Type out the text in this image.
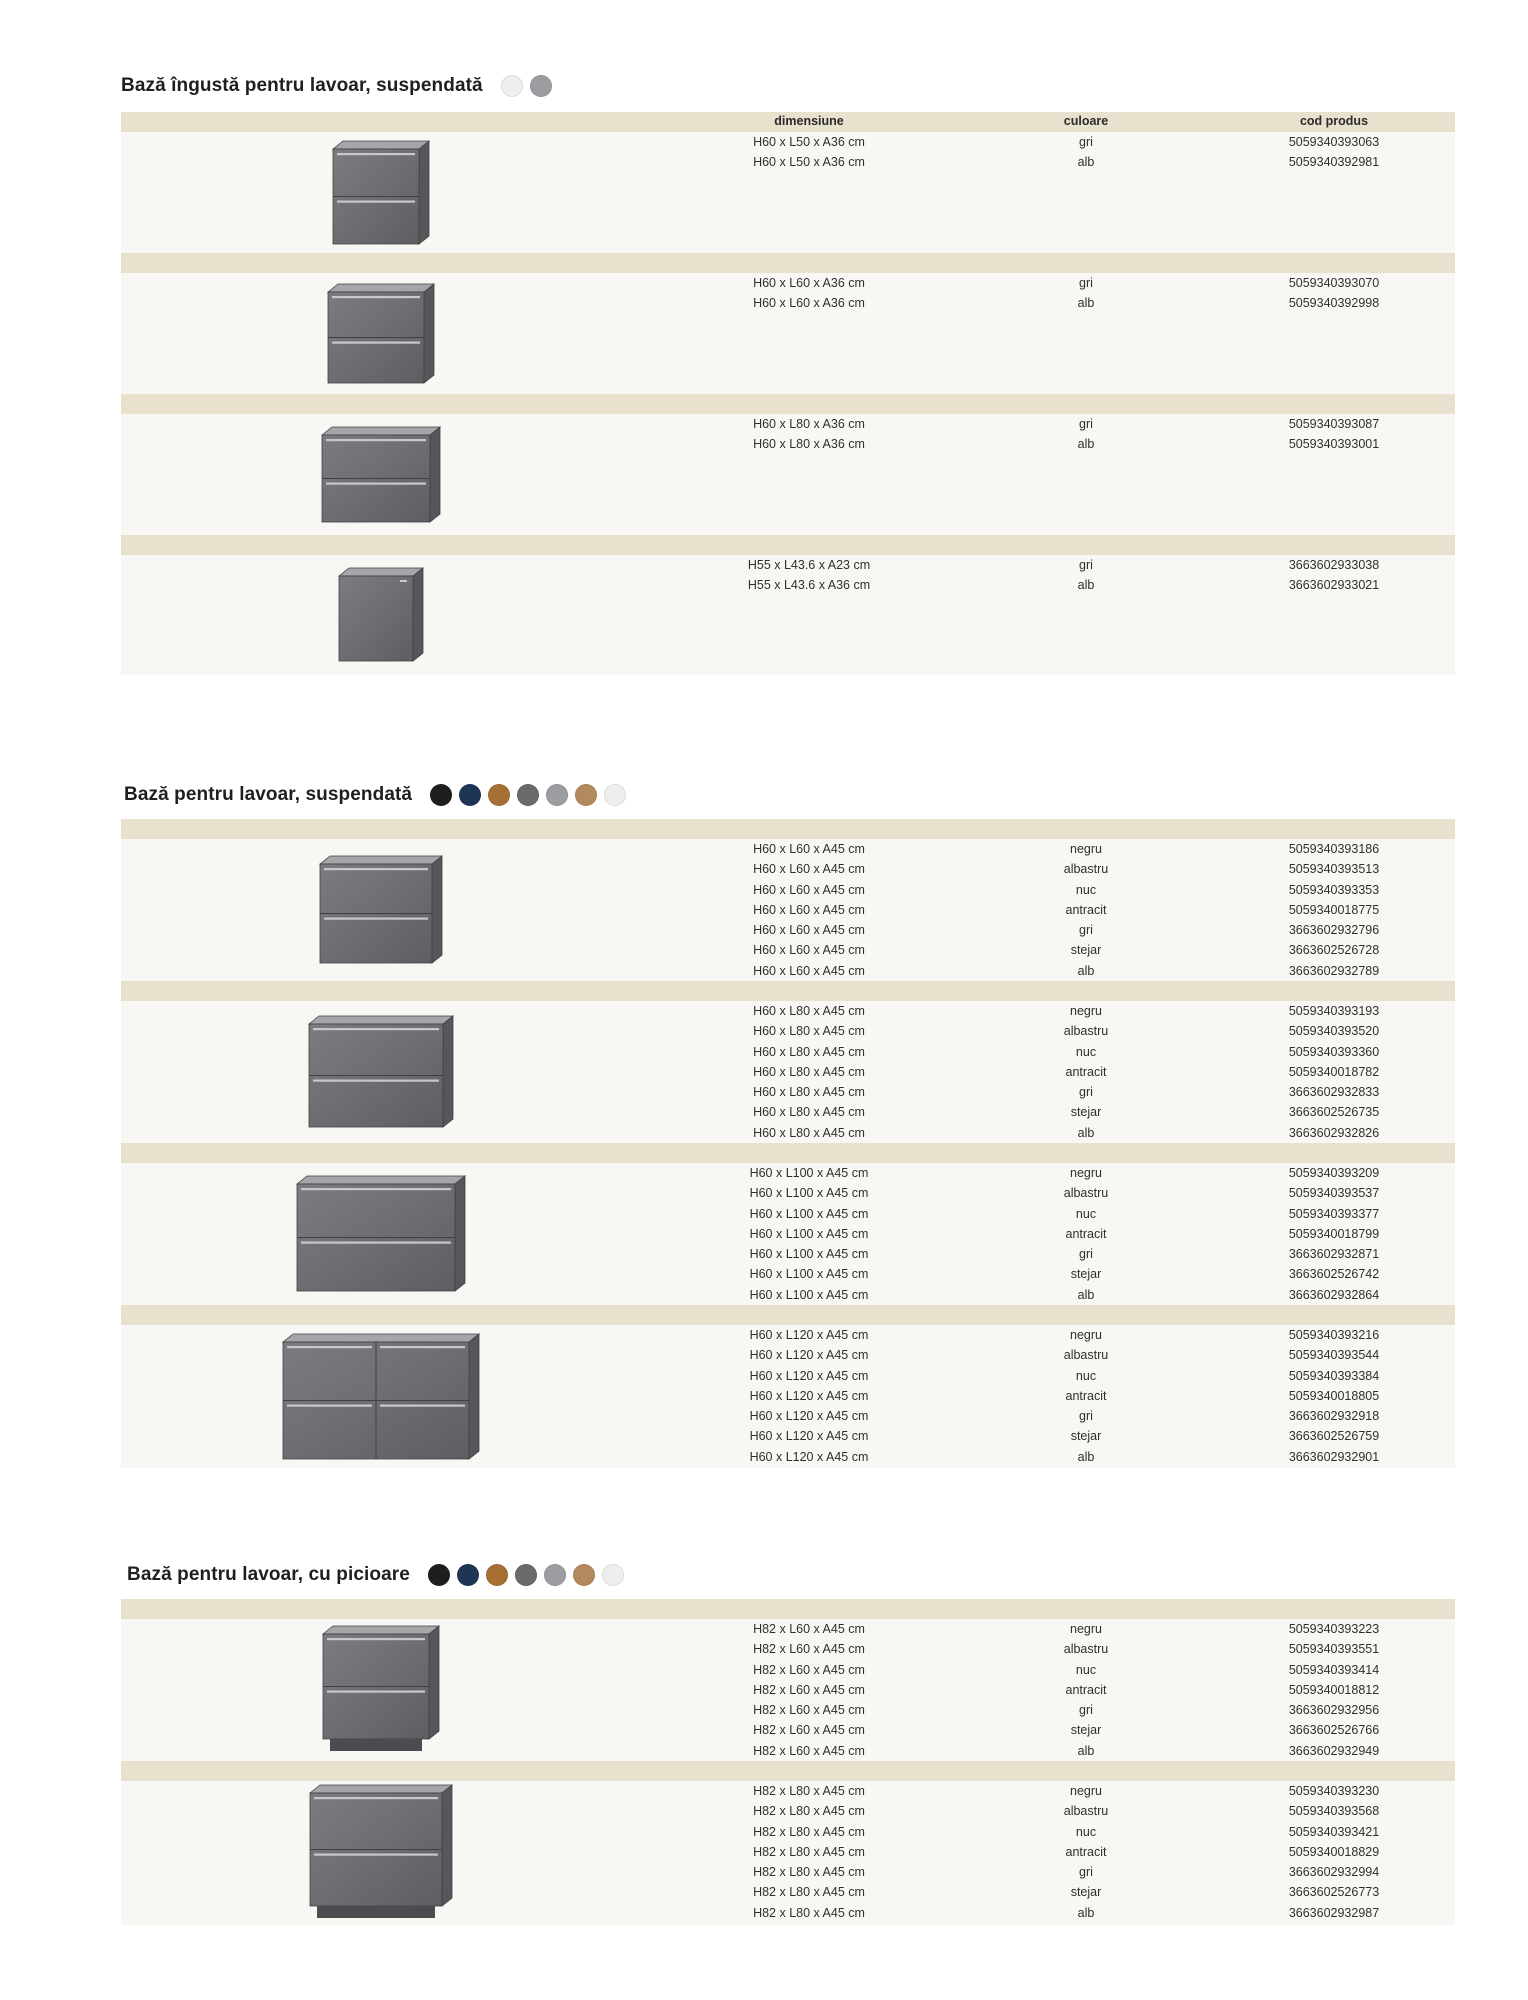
Bază îngustă pentru lavoar, suspendată
dimensiune	culoare	cod produs
H60 x L50 x A36 cm	gri	5059340393063
H60 x L50 x A36 cm	alb	5059340392981
H60 x L60 x A36 cm	gri	5059340393070
H60 x L60 x A36 cm	alb	5059340392998
H60 x L80 x A36 cm	gri	5059340393087
H60 x L80 x A36 cm	alb	5059340393001
H55 x L43.6 x A23 cm	gri	3663602933038
H55 x L43.6 x A36 cm	alb	3663602933021
Bază pentru lavoar, suspendată
H60 x L60 x A45 cm	negru	5059340393186
H60 x L60 x A45 cm	albastru	5059340393513
H60 x L60 x A45 cm	nuc	5059340393353
H60 x L60 x A45 cm	antracit	5059340018775
H60 x L60 x A45 cm	gri	3663602932796
H60 x L60 x A45 cm	stejar	3663602526728
H60 x L60 x A45 cm	alb	3663602932789
H60 x L80 x A45 cm	negru	5059340393193
H60 x L80 x A45 cm	albastru	5059340393520
H60 x L80 x A45 cm	nuc	5059340393360
H60 x L80 x A45 cm	antracit	5059340018782
H60 x L80 x A45 cm	gri	3663602932833
H60 x L80 x A45 cm	stejar	3663602526735
H60 x L80 x A45 cm	alb	3663602932826
H60 x L100 x A45 cm	negru	5059340393209
H60 x L100 x A45 cm	albastru	5059340393537
H60 x L100 x A45 cm	nuc	5059340393377
H60 x L100 x A45 cm	antracit	5059340018799
H60 x L100 x A45 cm	gri	3663602932871
H60 x L100 x A45 cm	stejar	3663602526742
H60 x L100 x A45 cm	alb	3663602932864
H60 x L120 x A45 cm	negru	5059340393216
H60 x L120 x A45 cm	albastru	5059340393544
H60 x L120 x A45 cm	nuc	5059340393384
H60 x L120 x A45 cm	antracit	5059340018805
H60 x L120 x A45 cm	gri	3663602932918
H60 x L120 x A45 cm	stejar	3663602526759
H60 x L120 x A45 cm	alb	3663602932901
Bază pentru lavoar, cu picioare
H82 x L60 x A45 cm	negru	5059340393223
H82 x L60 x A45 cm	albastru	5059340393551
H82 x L60 x A45 cm	nuc	5059340393414
H82 x L60 x A45 cm	antracit	5059340018812
H82 x L60 x A45 cm	gri	3663602932956
H82 x L60 x A45 cm	stejar	3663602526766
H82 x L60 x A45 cm	alb	3663602932949
H82 x L80 x A45 cm	negru	5059340393230
H82 x L80 x A45 cm	albastru	5059340393568
H82 x L80 x A45 cm	nuc	5059340393421
H82 x L80 x A45 cm	antracit	5059340018829
H82 x L80 x A45 cm	gri	3663602932994
H82 x L80 x A45 cm	stejar	3663602526773
H82 x L80 x A45 cm	alb	3663602932987
